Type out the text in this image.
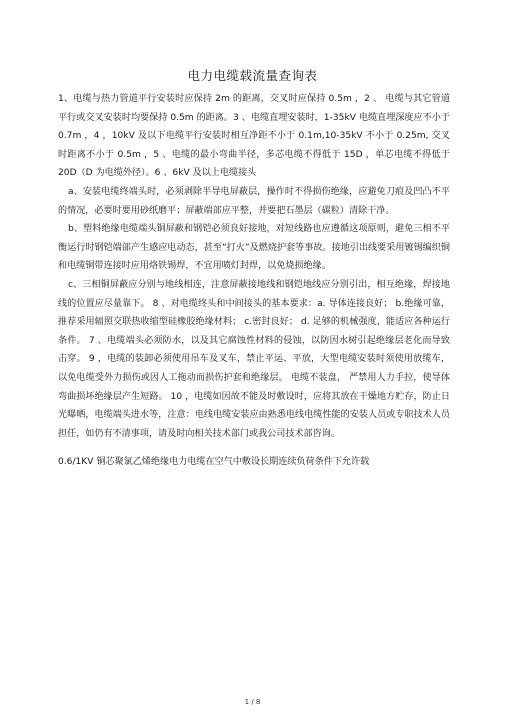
电力电缆载流量查询表

1、电缆与热力管道平行安装时应保持 2m 的距离，交叉时应保持 0.5m ，2 、 电缆与其它管道平行或交叉安装时均要保持 0.5m 的距离。3 、电缆直埋安装时，1-35kV 电缆直埋深度应不小于 0.7m ，4 ，10kV 及以下电缆平行安装时相互净距不小于 0.1m,10-35kV 不小于 0.25m, 交叉时距离不小于 0.5m ，5 、电缆的最小弯曲半径，多芯电缆不得低于 15D ，单芯电缆不得低于 20D（D 为电缆外径）。6 、6kV 及以上电缆接头

a、安装电缆终端头时，必须剥除半导电屏蔽层，操作时不得损伤绝缘，应避免刀痕及凹凸不平的情况，必要时要用砂纸磨平；屏蔽端部应平整，并要把石墨层（碳粒）清除干净。

b、塑料绝缘电缆端头铜屏蔽和钢铠必须良好接地，对短线路也应遵循这项原则，避免三相不平衡运行时钢铠端部产生感应电动态，甚至“打火”及燃烧护套等事故。接地引出线要采用镀锡编织铜和电缆铜带连接时应用烙铁锡焊，不宜用喷灯封焊，以免烧损绝缘。

c、三相铜屏蔽应分别与地线相连，注意屏蔽接地线和钢铠地线应分别引出，相互绝缘，焊接地线的位置应尽量靠下。 8 、对电缆终头和中间接头的基本要求：a. 导体连接良好； b.绝缘可靠，推荐采用辐照交联热收缩型硅橡胶绝缘材料； c.密封良好； d. 足够的机械强度，能适应各种运行条件。 7 、电缆端头必须防水，以及其它腐蚀性材料的侵蚀，以防因水树引起绝缘层老化而导致击穿。 9 ，电缆的装卸必须使用吊车及叉车，禁止平运、平放，大型电缆安装时须使用放缆车，以免电缆受外力损伤或因人工拖动而损伤护套和绝缘层。 电缆不装盘， 严禁用人力手拉，使导体弯曲损坏绝缘层产生短路。 10 ，电缆如因故不能及时敷设时，应将其放在干燥地方贮存，防止日光曝晒，电缆端头进水等，注意：电线电缆安装应由熟悉电线电缆性能的安装人员或专职技术人员担任，如仍有不清事项，请及时向相关技术部门或我公司技术部咨询。

0.6/1KV 铜芯聚氯乙烯绝缘电力电缆在空气中敷设长期连续负荷条件下允许载

1 / 8
